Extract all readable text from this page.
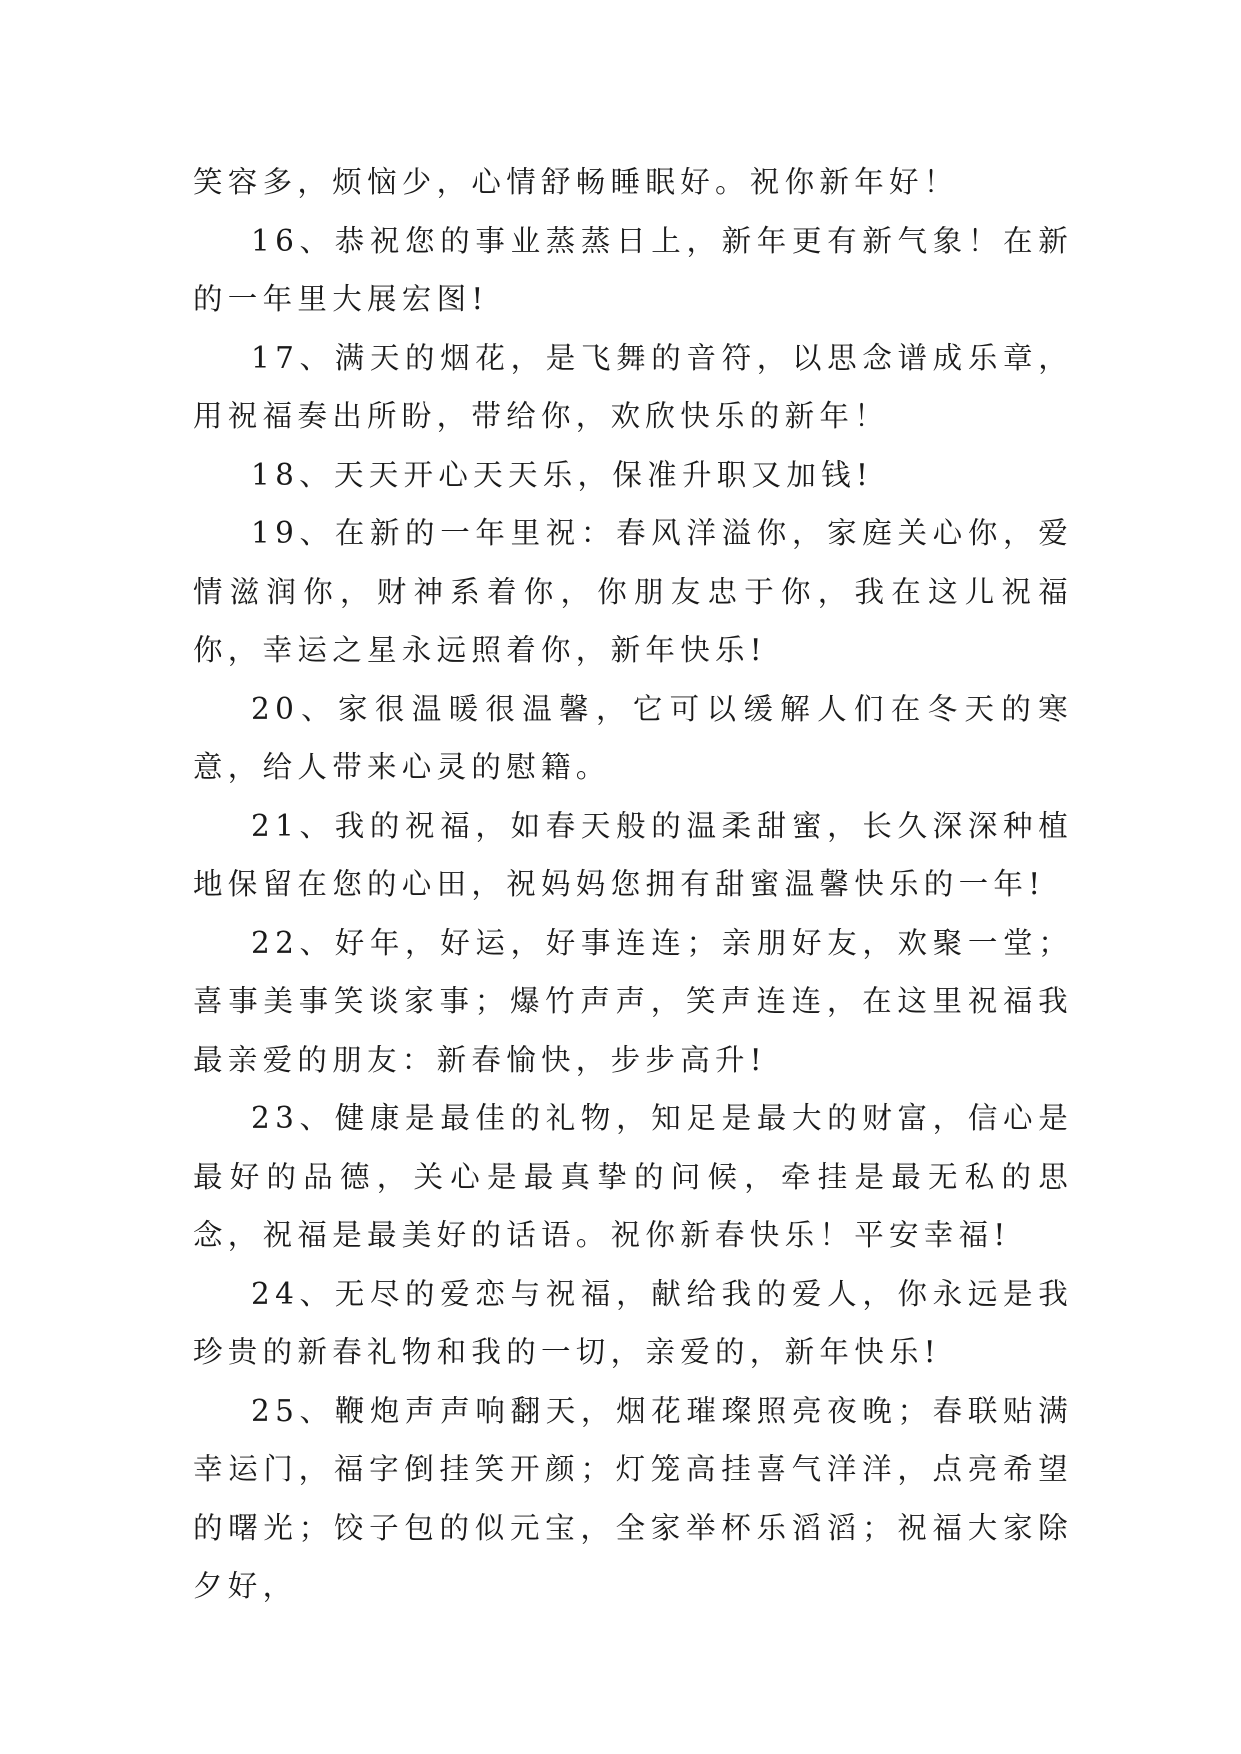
笑容多，烦恼少，心情舒畅睡眠好。祝你新年好！

16、恭祝您的事业蒸蒸日上，新年更有新气象！在新的一年里大展宏图!

17、满天的烟花，是飞舞的音符，以思念谱成乐章，用祝福奏出所盼，带给你，欢欣快乐的新年！

18、天天开心天天乐，保准升职又加钱!

19、在新的一年里祝：春风洋溢你，家庭关心你，爱情滋润你，财神系着你，你朋友忠于你，我在这儿祝福你，幸运之星永远照着你，新年快乐!

20、家很温暖很温馨，它可以缓解人们在冬天的寒意，给人带来心灵的慰籍。

21、我的祝福，如春天般的温柔甜蜜，长久深深种植地保留在您的心田，祝妈妈您拥有甜蜜温馨快乐的一年!

22、好年，好运，好事连连；亲朋好友，欢聚一堂；喜事美事笑谈家事；爆竹声声，笑声连连，在这里祝福我最亲爱的朋友：新春愉快，步步高升!

23、健康是最佳的礼物，知足是最大的财富，信心是最好的品德，关心是最真挚的问候，牵挂是最无私的思念，祝福是最美好的话语。祝你新春快乐！平安幸福!

24、无尽的爱恋与祝福，献给我的爱人，你永远是我珍贵的新春礼物和我的一切，亲爱的，新年快乐!

25、鞭炮声声响翻天，烟花璀璨照亮夜晚；春联贴满幸运门，福字倒挂笑开颜；灯笼高挂喜气洋洋，点亮希望的曙光；饺子包的似元宝，全家举杯乐滔滔；祝福大家除夕好，
